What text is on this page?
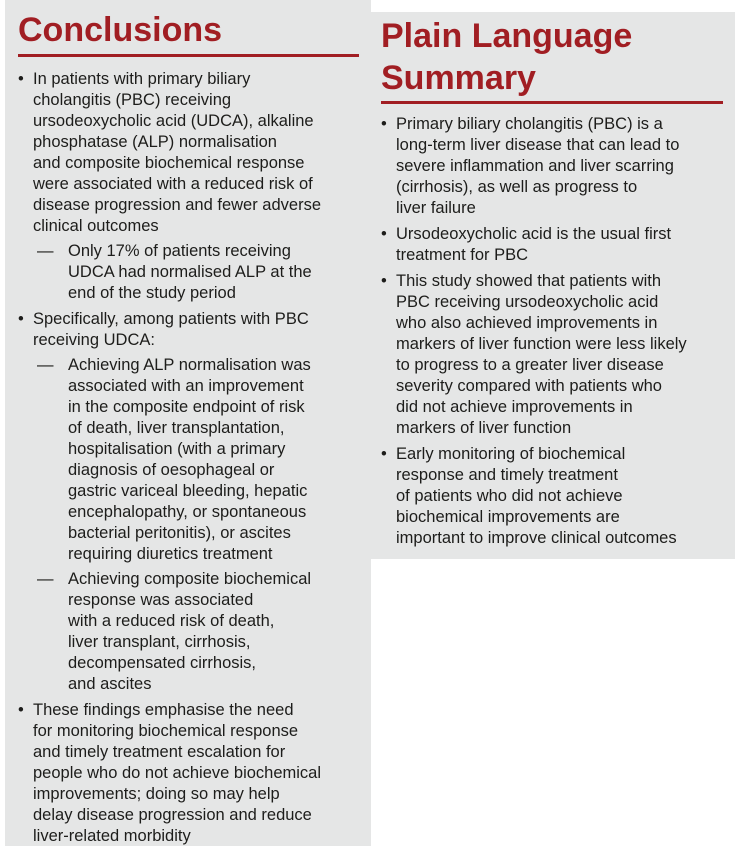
Conclusions
• In patients with primary biliary
cholangitis (PBC) receiving
ursodeoxycholic acid (UDCA), alkaline
phosphatase (ALP) normalisation
and composite biochemical response
were associated with a reduced risk of
disease progression and fewer adverse
clinical outcomes
— Only 17% of patients receiving
UDCA had normalised ALP at the
end of the study period
• Specifically, among patients with PBC
receiving UDCA:
— Achieving ALP normalisation was
associated with an improvement
in the composite endpoint of risk
of death, liver transplantation,
hospitalisation (with a primary
diagnosis of oesophageal or
gastric variceal bleeding, hepatic
encephalopathy, or spontaneous
bacterial peritonitis), or ascites
requiring diuretics treatment
— Achieving composite biochemical
response was associated
with a reduced risk of death,
liver transplant, cirrhosis,
decompensated cirrhosis,
and ascites
• These findings emphasise the need
for monitoring biochemical response
and timely treatment escalation for
people who do not achieve biochemical
improvements; doing so may help
delay disease progression and reduce
liver-related morbidity
Plain Language
Summary
• Primary biliary cholangitis (PBC) is a
long-term liver disease that can lead to
severe inflammation and liver scarring
(cirrhosis), as well as progress to
liver failure
• Ursodeoxycholic acid is the usual first
treatment for PBC
• This study showed that patients with
PBC receiving ursodeoxycholic acid
who also achieved improvements in
markers of liver function were less likely
to progress to a greater liver disease
severity compared with patients who
did not achieve improvements in
markers of liver function
• Early monitoring of biochemical
response and timely treatment
of patients who did not achieve
biochemical improvements are
important to improve clinical outcomes
